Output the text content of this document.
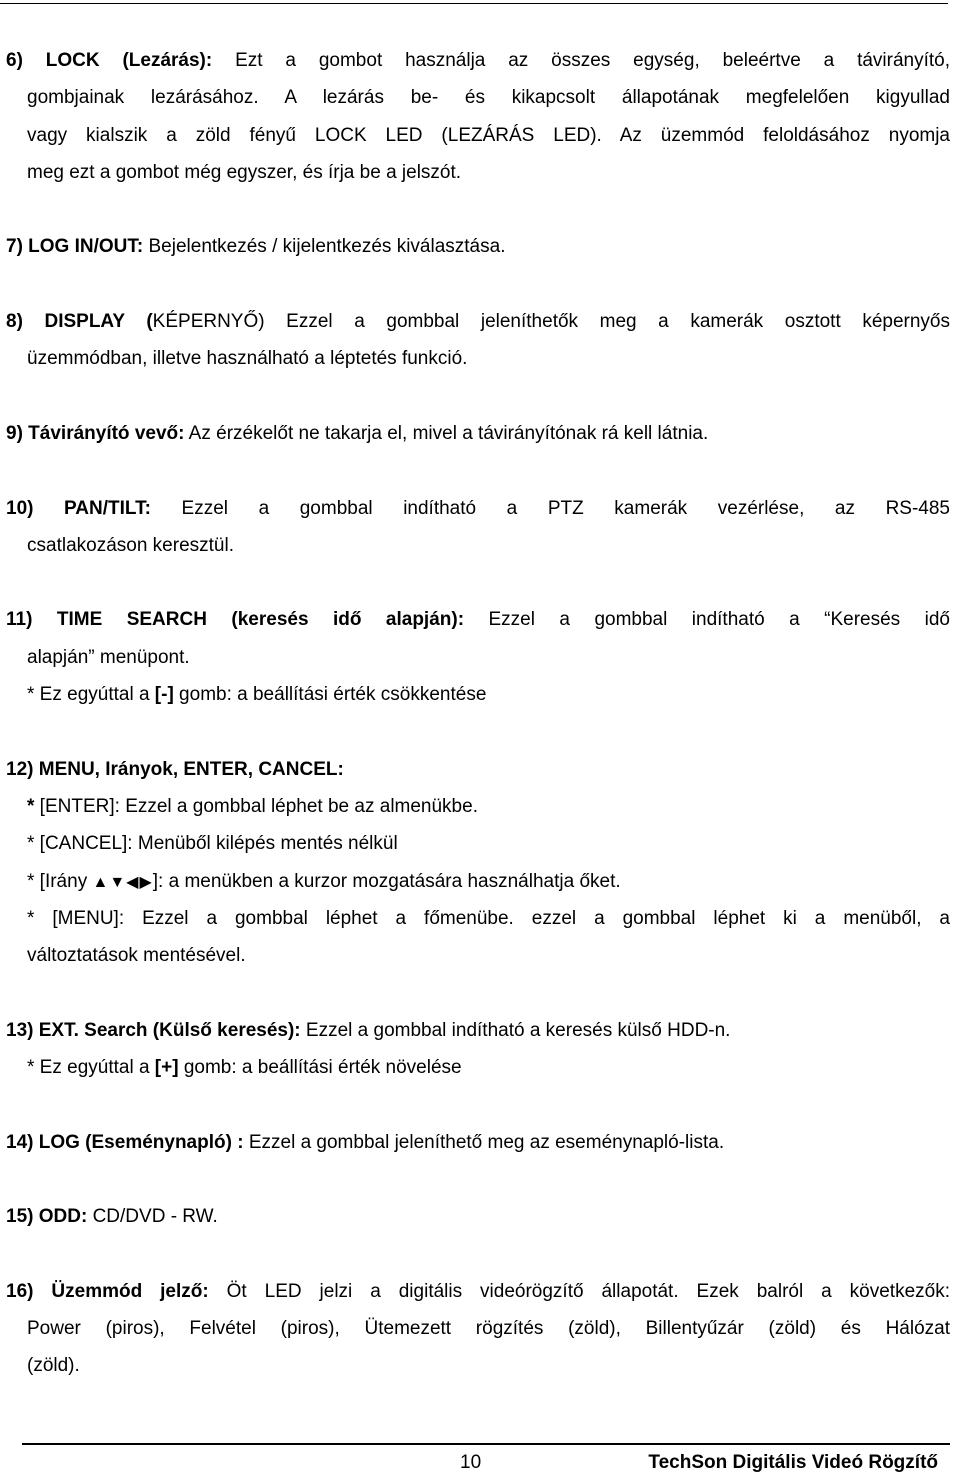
6) LOCK (Lezárás): Ezt a gombot használja az összes egység, beleértve a távirányító,
gombjainak lezárásához. A lezárás be- és kikapcsolt állapotának megfelelően kigyullad
vagy kialszik a zöld fényű LOCK LED (LEZÁRÁS LED). Az üzemmód feloldásához nyomja
meg ezt a gombot még egyszer, és írja be a jelszót.
7) LOG IN/OUT: Bejelentkezés / kijelentkezés kiválasztása.
8) DISPLAY (KÉPERNYŐ) Ezzel a gombbal jeleníthetők meg a kamerák osztott képernyős
üzemmódban, illetve használható a léptetés funkció.
9) Távirányító vevő: Az érzékelőt ne takarja el, mivel a távirányítónak rá kell látnia.
10) PAN/TILT: Ezzel a gombbal indítható a PTZ kamerák vezérlése, az RS-485
csatlakozáson keresztül.
11) TIME SEARCH (keresés idő alapján): Ezzel a gombbal indítható a “Keresés idő
alapján” menüpont.
* Ez egyúttal a [-] gomb: a beállítási érték csökkentése
12) MENU, Irányok, ENTER, CANCEL:
* [ENTER]: Ezzel a gombbal léphet be az almenükbe.
* [CANCEL]: Menüből kilépés mentés nélkül
* [Irány ▲▼◀▶]: a menükben a kurzor mozgatására használhatja őket.
* [MENU]: Ezzel a gombbal léphet a főmenübe. ezzel a gombbal léphet ki a menüből, a
változtatások mentésével.
13) EXT. Search (Külső keresés): Ezzel a gombbal indítható a keresés külső HDD-n.
* Ez egyúttal a [+] gomb: a beállítási érték növelése
14) LOG (Eseménynapló) : Ezzel a gombbal jeleníthető meg az eseménynapló-lista.
15) ODD: CD/DVD - RW.
16) Üzemmód jelző: Öt LED jelzi a digitális videórögzítő állapotát. Ezek balról a következők:
Power (piros), Felvétel (piros), Ütemezett rögzítés (zöld), Billentyűzár (zöld) és Hálózat
(zöld).
10	TechSon Digitális Videó Rögzítő
